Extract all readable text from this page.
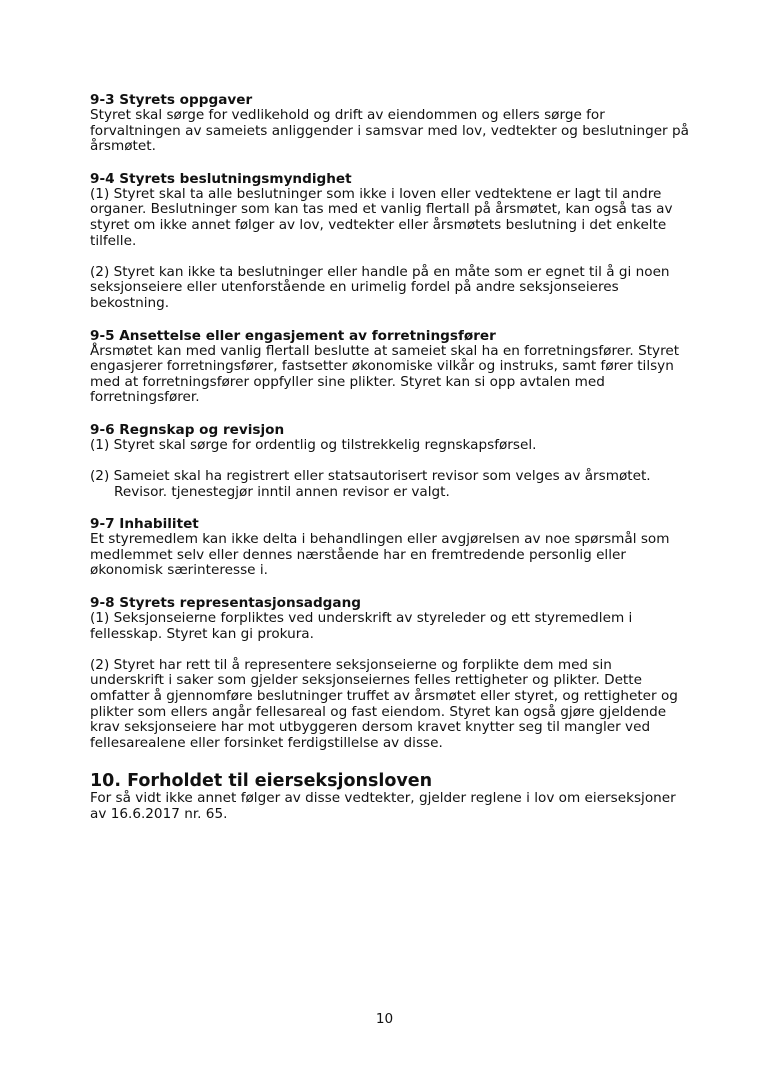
9-3 Styrets oppgaver

Styret skal sørge for vedlikehold og drift av eiendommen og ellers sørge for forvaltningen av sameiets anliggender i samsvar med lov, vedtekter og beslutninger på årsmøtet.

9-4 Styrets beslutningsmyndighet

(1) Styret skal ta alle beslutninger som ikke i loven eller vedtektene er lagt til andre organer. Beslutninger som kan tas med et vanlig flertall på årsmøtet, kan også tas av styret om ikke annet følger av lov, vedtekter eller årsmøtets beslutning i det enkelte tilfelle.

(2) Styret kan ikke ta beslutninger eller handle på en måte som er egnet til å gi noen seksjonseiere eller utenforstående en urimelig fordel på andre seksjonseieres bekostning.

9-5 Ansettelse eller engasjement av forretningsfører

Årsmøtet kan med vanlig flertall beslutte at sameiet skal ha en forretningsfører. Styret engasjerer forretningsfører, fastsetter økonomiske vilkår og instruks, samt fører tilsyn med at forretningsfører oppfyller sine plikter. Styret kan si opp avtalen med forretningsfører.

9-6 Regnskap og revisjon

(1) Styret skal sørge for ordentlig og tilstrekkelig regnskapsførsel.

(2) Sameiet skal ha registrert eller statsautorisert revisor som velges av årsmøtet. Revisor. tjenestegjør inntil annen revisor er valgt.

9-7 Inhabilitet

Et styremedlem kan ikke delta i behandlingen eller avgjørelsen av noe spørsmål som medlemmet selv eller dennes nærstående har en fremtredende personlig eller økonomisk særinteresse i.

9-8 Styrets representasjonsadgang

(1) Seksjonseierne forpliktes ved underskrift av styreleder og ett styremedlem i fellesskap. Styret kan gi prokura.

(2) Styret har rett til å representere seksjonseierne og forplikte dem med sin underskrift i saker som gjelder seksjonseiernes felles rettigheter og plikter. Dette omfatter å gjennomføre beslutninger truffet av årsmøtet eller styret, og rettigheter og plikter som ellers angår fellesareal og fast eiendom. Styret kan også gjøre gjeldende krav seksjonseiere har mot utbyggeren dersom kravet knytter seg til mangler ved fellesarealene eller forsinket ferdigstillelse av disse.

10. Forholdet til eierseksjonsloven

For så vidt ikke annet følger av disse vedtekter, gjelder reglene i lov om eierseksjoner av 16.6.2017 nr. 65.

10
